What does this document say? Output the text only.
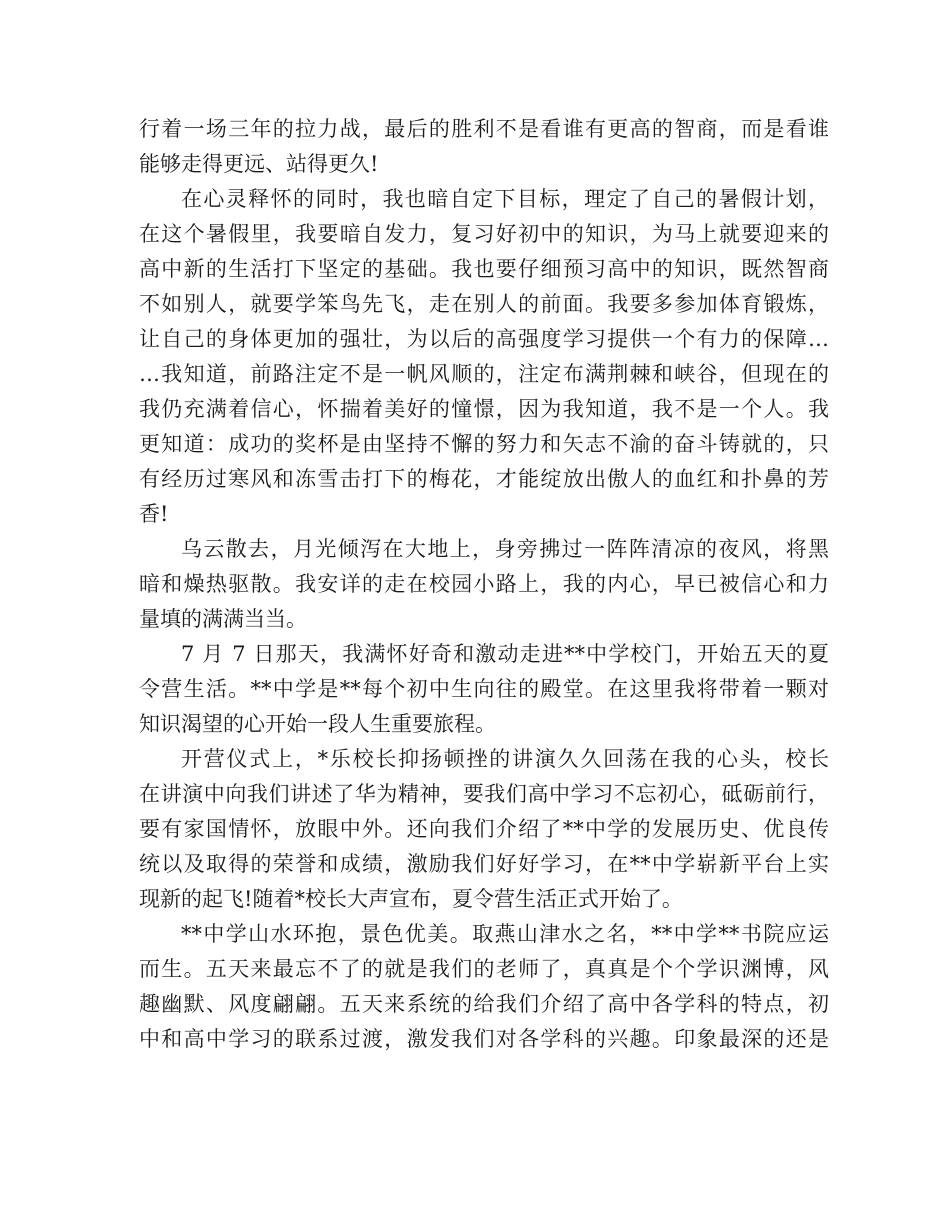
行着一场三年的拉力战，最后的胜利不是看谁有更高的智商，而是看谁
能够走得更远、站得更久!
在心灵释怀的同时，我也暗自定下目标，理定了自己的暑假计划，
在这个暑假里，我要暗自发力，复习好初中的知识，为马上就要迎来的
高中新的生活打下坚定的基础。我也要仔细预习高中的知识，既然智商
不如别人，就要学笨鸟先飞，走在别人的前面。我要多参加体育锻炼，
让自己的身体更加的强壮，为以后的高强度学习提供一个有力的保障…
…我知道，前路注定不是一帆风顺的，注定布满荆棘和峡谷，但现在的
我仍充满着信心，怀揣着美好的憧憬，因为我知道，我不是一个人。我
更知道：成功的奖杯是由坚持不懈的努力和矢志不渝的奋斗铸就的，只
有经历过寒风和冻雪击打下的梅花，才能绽放出傲人的血红和扑鼻的芳
香!
乌云散去，月光倾泻在大地上，身旁拂过一阵阵清凉的夜风，将黑
暗和燥热驱散。我安详的走在校园小路上，我的内心，早已被信心和力
量填的满满当当。
7 月 7 日那天，我满怀好奇和激动走进**中学校门，开始五天的夏
令营生活。**中学是**每个初中生向往的殿堂。在这里我将带着一颗对
知识渴望的心开始一段人生重要旅程。
开营仪式上，*乐校长抑扬顿挫的讲演久久回荡在我的心头，校长
在讲演中向我们讲述了华为精神，要我们高中学习不忘初心，砥砺前行，
要有家国情怀，放眼中外。还向我们介绍了**中学的发展历史、优良传
统以及取得的荣誉和成绩，激励我们好好学习，在**中学崭新平台上实
现新的起飞!随着*校长大声宣布，夏令营生活正式开始了。
**中学山水环抱，景色优美。取燕山津水之名，**中学**书院应运
而生。五天来最忘不了的就是我们的老师了，真真是个个学识渊博，风
趣幽默、风度翩翩。五天来系统的给我们介绍了高中各学科的特点，初
中和高中学习的联系过渡，激发我们对各学科的兴趣。印象最深的还是
